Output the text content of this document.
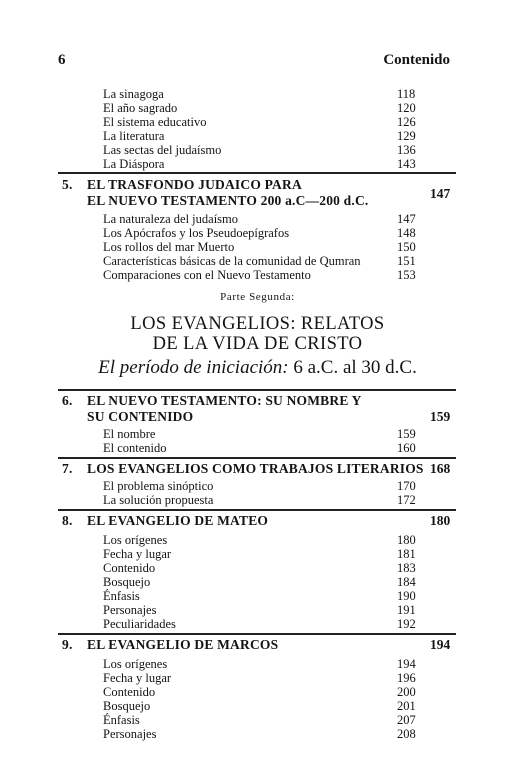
6	Contenido
La sinagoga	118
El año sagrado	120
El sistema educativo	126
La literatura	129
Las sectas del judaísmo	136
La Diáspora	143
5. EL TRASFONDO JUDAICO PARA
EL NUEVO TESTAMENTO 200 a.C—200 d.C.	147
La naturaleza del judaísmo	147
Los Apócrafos y los Pseudoepígrafos	148
Los rollos del mar Muerto	150
Características básicas de la comunidad de Qumran	151
Comparaciones con el Nuevo Testamento	153
Parte Segunda:
LOS EVANGELIOS: RELATOS
DE LA VIDA DE CRISTO
El período de iniciación: 6 a.C. al 30 d.C.
6. EL NUEVO TESTAMENTO: SU NOMBRE Y
SU CONTENIDO	159
El nombre	159
El contenido	160
7. LOS EVANGELIOS COMO TRABAJOS LITERARIOS 168
El problema sinóptico	170
La solución propuesta	172
8. EL EVANGELIO DE MATEO	180
Los orígenes	180
Fecha y lugar	181
Contenido	183
Bosquejo	184
Énfasis	190
Personajes	191
Peculiaridades	192
9. EL EVANGELIO DE MARCOS	194
Los orígenes	194
Fecha y lugar	196
Contenido	200
Bosquejo	201
Énfasis	207
Personajes	208
